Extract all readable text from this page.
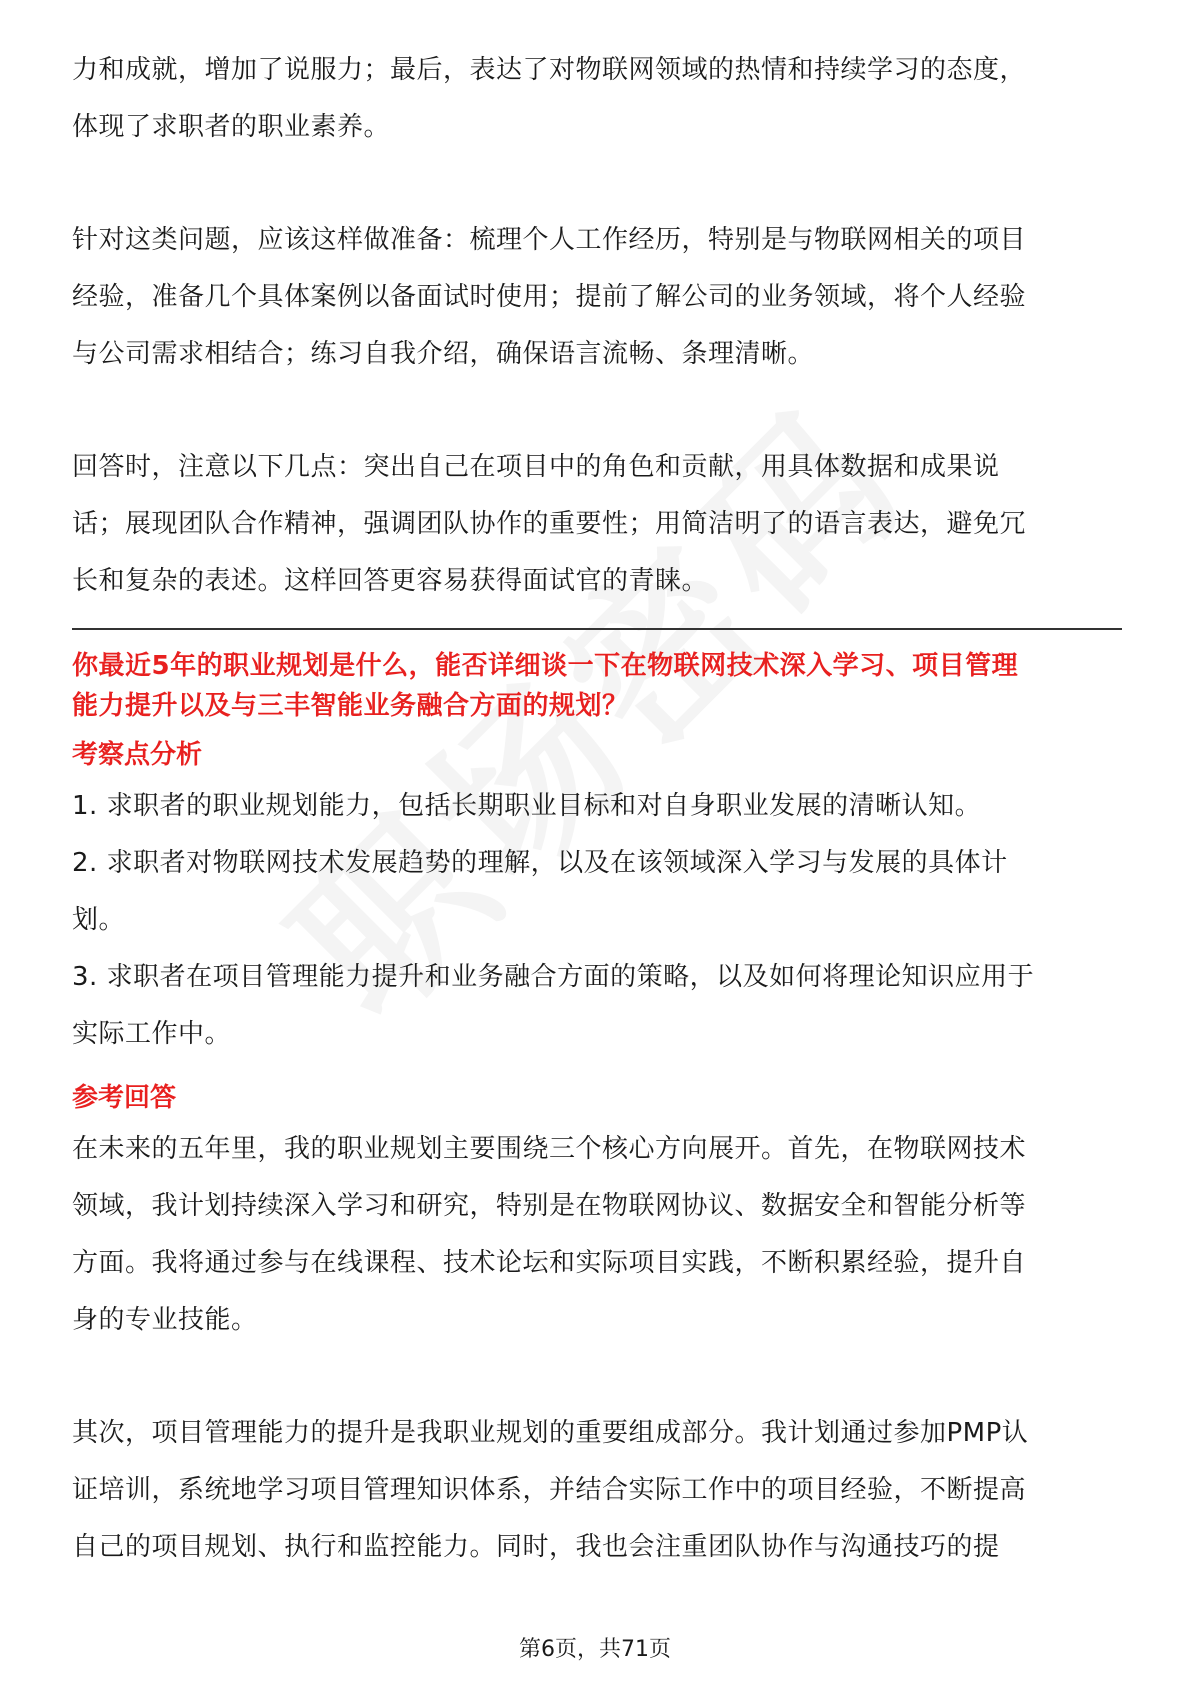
力和成就，增加了说服力；最后，表达了对物联网领域的热情和持续学习的态度，

体现了求职者的职业素养。

针对这类问题，应该这样做准备：梳理个人工作经历，特别是与物联网相关的项目

经验，准备几个具体案例以备面试时使用；提前了解公司的业务领域，将个人经验

与公司需求相结合；练习自我介绍，确保语言流畅、条理清晰。

回答时，注意以下几点：突出自己在项目中的角色和贡献，用具体数据和成果说

话；展现团队合作精神，强调团队协作的重要性；用简洁明了的语言表达，避免冗

长和复杂的表述。这样回答更容易获得面试官的青睐。

你最近5年的职业规划是什么，能否详细谈一下在物联网技术深入学习、项目管理

能力提升以及与三丰智能业务融合方面的规划？

考察点分析

1. 求职者的职业规划能力，包括长期职业目标和对自身职业发展的清晰认知。

2. 求职者对物联网技术发展趋势的理解，以及在该领域深入学习与发展的具体计

划。

3. 求职者在项目管理能力提升和业务融合方面的策略，以及如何将理论知识应用于

实际工作中。

参考回答

在未来的五年里，我的职业规划主要围绕三个核心方向展开。首先，在物联网技术

领域，我计划持续深入学习和研究，特别是在物联网协议、数据安全和智能分析等

方面。我将通过参与在线课程、技术论坛和实际项目实践，不断积累经验，提升自

身的专业技能。

其次，项目管理能力的提升是我职业规划的重要组成部分。我计划通过参加PMP认

证培训，系统地学习项目管理知识体系，并结合实际工作中的项目经验，不断提高

自己的项目规划、执行和监控能力。同时，我也会注重团队协作与沟通技巧的提

第6页，共71页
